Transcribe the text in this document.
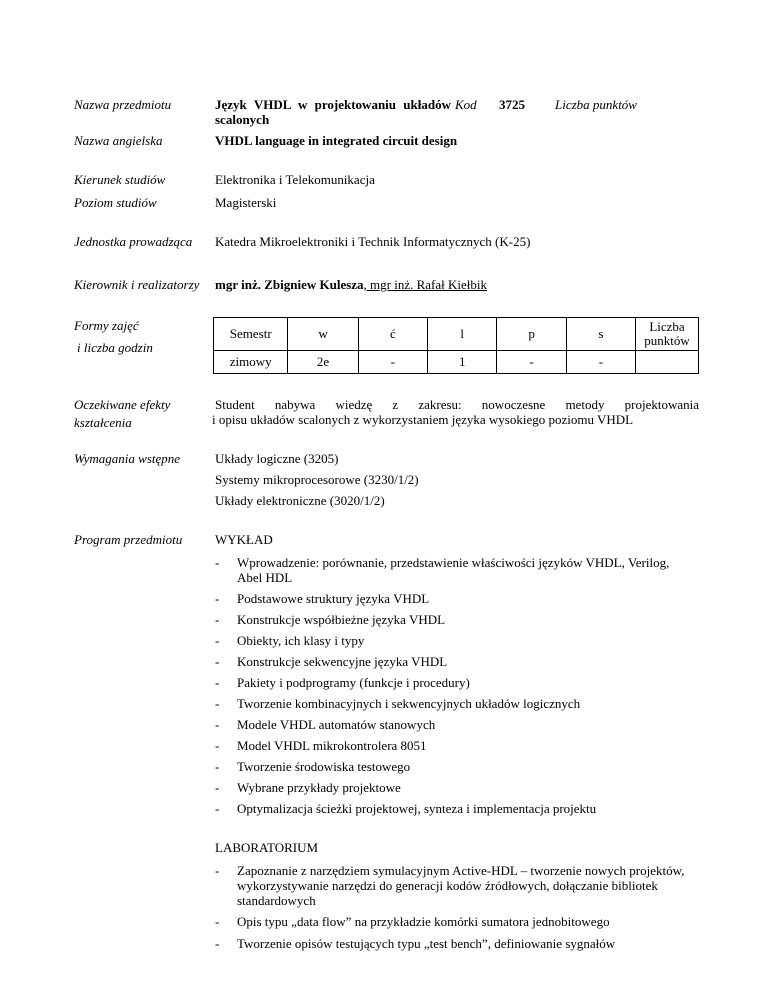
Nazwa przedmiotu	Język VHDL w projektowaniu układów
scalonych
Kod 3725 Liczba punktów
Nazwa angielska	VHDL language in integrated circuit design
Kierunek studiów	Elektronika i Telekomunikacja
Poziom studiów	Magisterski
Jednostka prowadząca Katedra Mikroelektroniki i Technik Informatycznych (K-25)
Kierownik i realizatorzy mgr inż. Zbigniew Kulesza, mgr inż. Rafał Kiełbik
Formy zajęć
i liczba godzin
Semestr	w	ć	l	p	s	Liczba punktów
zimowy	2e	-	1	-	-	
Oczekiwane efekty
kształcenia
Student nabywa wiedzę z zakresu: nowoczesne metody projektowania
i opisu układów scalonych z wykorzystaniem języka wysokiego poziomu VHDL
Wymagania wstępne	Układy logiczne (3205)
Systemy mikroprocesorowe (3230/1/2)
Układy elektroniczne (3020/1/2)
Program przedmiotu	WYKŁAD
- Wprowadzenie: porównanie, przedstawienie właściwości języków VHDL, Verilog, Abel HDL
- Podstawowe struktury języka VHDL
- Konstrukcje współbieżne języka VHDL
- Obiekty, ich klasy i typy
- Konstrukcje sekwencyjne języka VHDL
- Pakiety i podprogramy (funkcje i procedury)
- Tworzenie kombinacyjnych i sekwencyjnych układów logicznych
- Modele VHDL automatów stanowych
- Model VHDL mikrokontrolera 8051
- Tworzenie środowiska testowego
- Wybrane przykłady projektowe
- Optymalizacja ścieżki projektowej, synteza i implementacja projektu
LABORATORIUM
- Zapoznanie z narzędziem symulacyjnym Active-HDL – tworzenie nowych projektów, wykorzystywanie narzędzi do generacji kodów źródłowych, dołączanie bibliotek standardowych
- Opis typu „data flow” na przykładzie komórki sumatora jednobitowego
- Tworzenie opisów testujących typu „test bench”, definiowanie sygnałów
